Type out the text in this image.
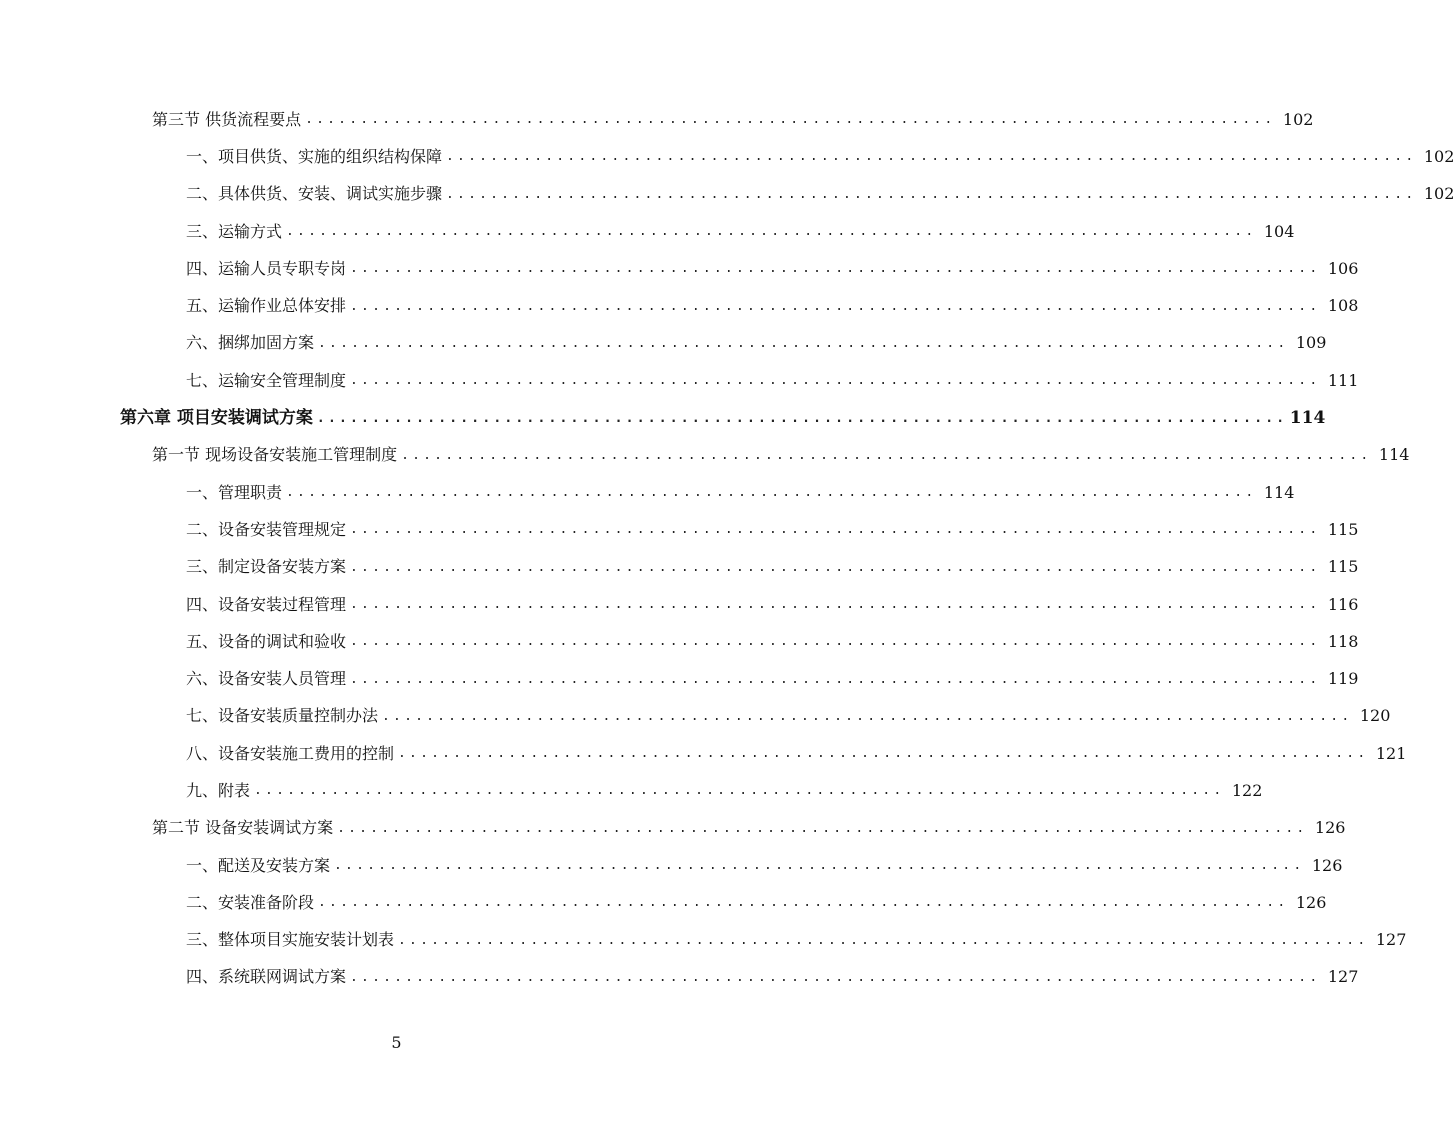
第三节 供货流程要点 ........................................................................................ 102
一、项目供货、实施的组织结构保障 ........................................................................................ 102
二、具体供货、安装、调试实施步骤 ........................................................................................ 102
三、运输方式 ........................................................................................ 104
四、运输人员专职专岗 ........................................................................................ 106
五、运输作业总体安排 ........................................................................................ 108
六、捆绑加固方案 ........................................................................................ 109
七、运输安全管理制度 ........................................................................................ 111
第六章 项目安装调试方案 ........................................................................................ 114
第一节 现场设备安装施工管理制度 ........................................................................................ 114
一、管理职责 ........................................................................................ 114
二、设备安装管理规定 ........................................................................................ 115
三、制定设备安装方案 ........................................................................................ 115
四、设备安装过程管理 ........................................................................................ 116
五、设备的调试和验收 ........................................................................................ 118
六、设备安装人员管理 ........................................................................................ 119
七、设备安装质量控制办法 ........................................................................................ 120
八、设备安装施工费用的控制 ........................................................................................ 121
九、附表 ........................................................................................ 122
第二节 设备安装调试方案 ........................................................................................ 126
一、配送及安装方案 ........................................................................................ 126
二、安装准备阶段 ........................................................................................ 126
三、整体项目实施安装计划表 ........................................................................................ 127
四、系统联网调试方案 ........................................................................................ 127
5
